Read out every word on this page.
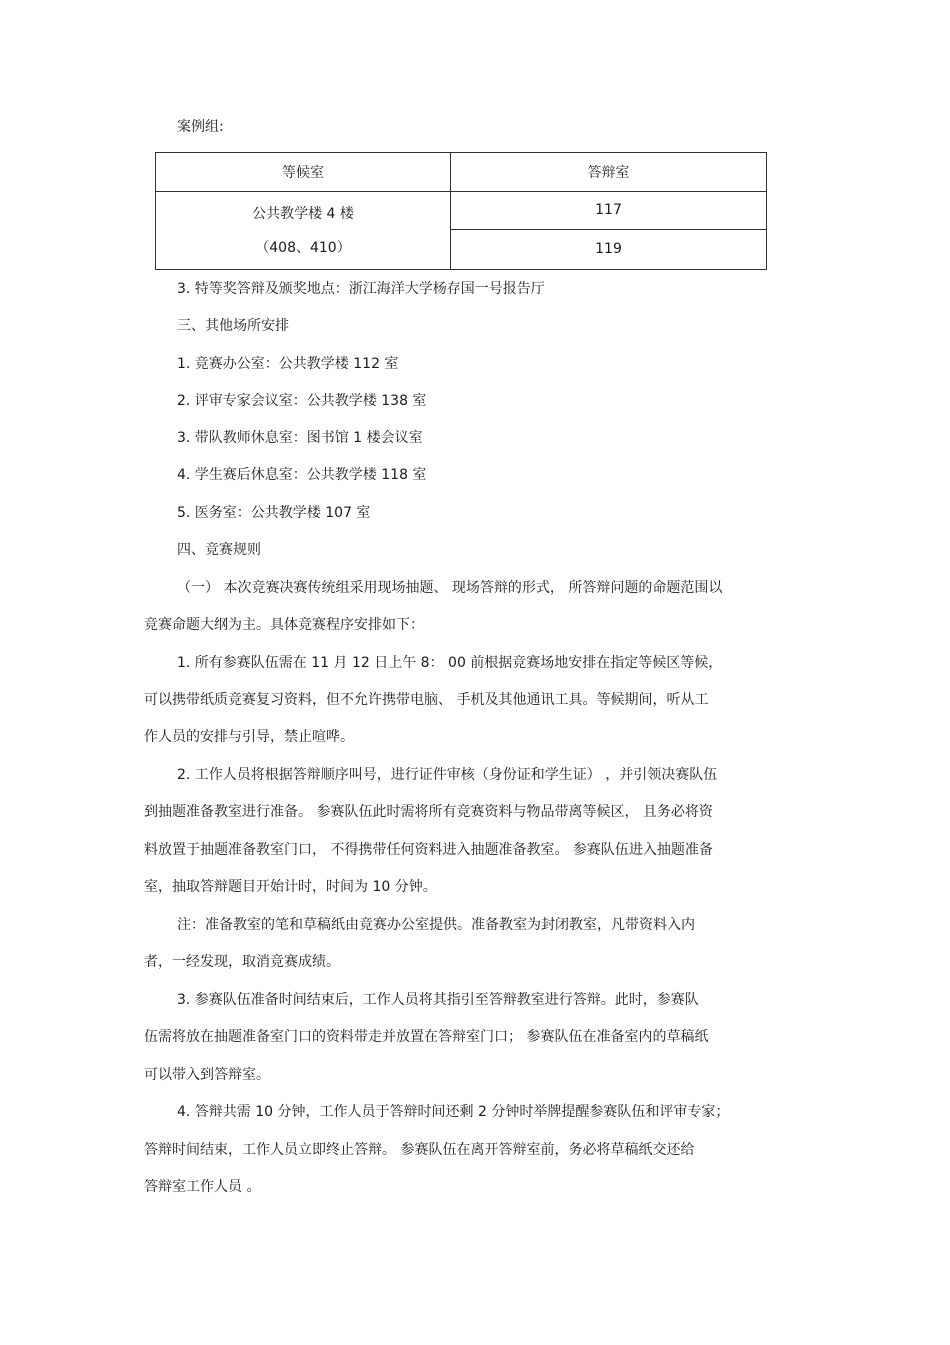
案例组:
等候室	答辩室

公共教学楼 4 楼
（408、410）	117
	119
3. 特等奖答辩及颁奖地点：浙江海洋大学杨存国一号报告厅
三、其他场所安排
1. 竞赛办公室：公共教学楼 112 室
2. 评审专家会议室：公共教学楼 138 室
3. 带队教师休息室：图书馆 1 楼会议室
4. 学生赛后休息室：公共教学楼 118 室
5. 医务室：公共教学楼 107 室
四、竞赛规则
（一） 本次竞赛决赛传统组采用现场抽题、 现场答辩的形式， 所答辩问题的命题范围以
竞赛命题大纲为主。具体竞赛程序安排如下：
1. 所有参赛队伍需在 11 月 12 日上午 8： 00 前根据竞赛场地安排在指定等候区等候，
可以携带纸质竞赛复习资料，但不允许携带电脑、 手机及其他通讯工具。等候期间，听从工
作人员的安排与引导，禁止喧哗。
2. 工作人员将根据答辩顺序叫号，进行证件审核（身份证和学生证） ，并引领决赛队伍
到抽题准备教室进行准备。 参赛队伍此时需将所有竞赛资料与物品带离等候区， 且务必将资
料放置于抽题准备教室门口， 不得携带任何资料进入抽题准备教室。 参赛队伍进入抽题准备
室，抽取答辩题目开始计时，时间为 10 分钟。
注：准备教室的笔和草稿纸由竞赛办公室提供。准备教室为封闭教室，凡带资料入内
者，一经发现，取消竞赛成绩。
3. 参赛队伍准备时间结束后，工作人员将其指引至答辩教室进行答辩。此时，参赛队
伍需将放在抽题准备室门口的资料带走并放置在答辩室门口； 参赛队伍在准备室内的草稿纸
可以带入到答辩室。
4. 答辩共需 10 分钟，工作人员于答辩时间还剩 2 分钟时举牌提醒参赛队伍和评审专家；
答辩时间结束，工作人员立即终止答辩。 参赛队伍在离开答辩室前，务必将草稿纸交还给
答辩室工作人员 。
